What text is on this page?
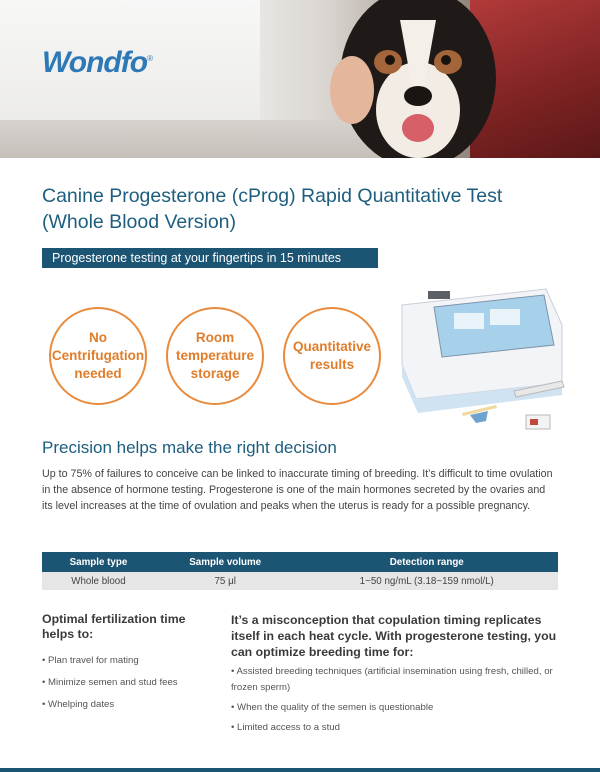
Wondfo®
Canine Progesterone (cProg) Rapid Quantitative Test (Whole Blood Version)
Progesterone testing at your fingertips in 15 minutes
No Centrifugation needed
Room temperature storage
Quantitative results
Precision helps make the right decision
Up to 75% of failures to conceive can be linked to inaccurate timing of breeding. It’s difficult to time ovulation in the absence of hormone testing. Progesterone is one of the main hormones secreted by the ovaries and its level increases at the time of ovulation and peaks when the uterus is ready for a possible pregnancy.
Sample type	Sample volume	Detection range
Whole blood	75 μl	1~50 ng/mL (3.18~159 nmol/L)
Optimal fertilization time helps to:
• Plan travel for mating
• Minimize semen and stud fees
• Whelping dates
It’s a misconception that copulation timing replicates itself in each heat cycle. With progesterone testing, you can optimize breeding time for:
• Assisted breeding techniques (artificial insemination using fresh, chilled, or frozen sperm)
• When the quality of the semen is questionable
• Limited access to a stud
